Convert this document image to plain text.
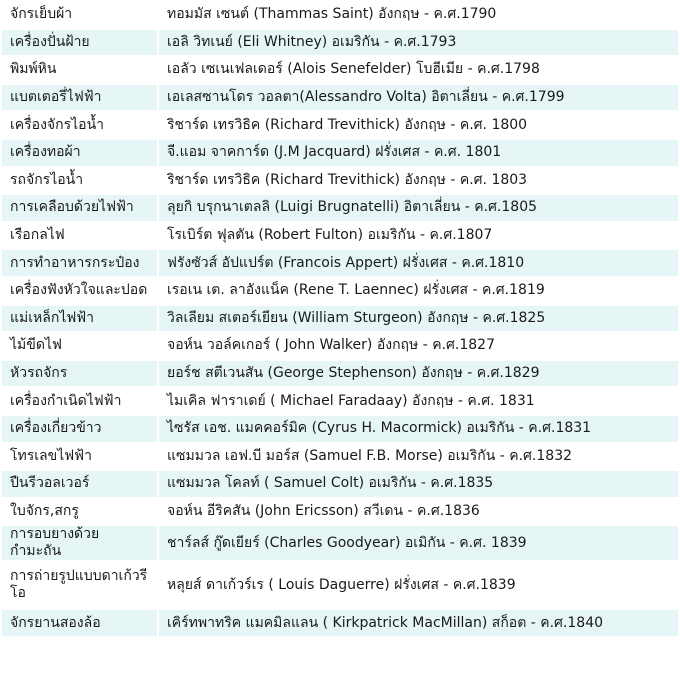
จักรเย็บผ้า	ทอมมัส เซนต์ (Thammas Saint) อังกฤษ - ค.ศ.1790
เครื่องปั่นฝ้าย	เอลิ วิทเนย์ (Eli Whitney) อเมริกัน - ค.ศ.1793
พิมพ์หิน	เอลัว เซเนเฟลเดอร์ (Alois Senefelder) โบฮีเมีย - ค.ศ.1798
แบตเตอรี่ไฟฟ้า	เอเลสซานโดร วอลตา(Alessandro Volta) อิตาเลี่ยน - ค.ศ.1799
เครื่องจักรไอน้ำ	ริชาร์ด เทรวิธิค (Richard Trevithick) อังกฤษ - ค.ศ. 1800
เครื่องทอผ้า	จี.แอม จาคการ์ด (J.M Jacquard) ฝรั่งเศส - ค.ศ. 1801
รถจักรไอน้ำ	ริชาร์ด เทรวิธิค (Richard Trevithick) อังกฤษ - ค.ศ. 1803
การเคลือบด้วยไฟฟ้า	ลุยกิ บรุกนาเตลลิ (Luigi Brugnatelli) อิตาเลี่ยน - ค.ศ.1805
เรือกลไฟ	โรเบิร์ต ฟุลตัน (Robert Fulton) อเมริกัน - ค.ศ.1807
การทำอาหารกระป๋อง	ฟรังซัวส์ อัปแปร์ต (Francois Appert) ฝรั่งเศส - ค.ศ.1810
เครื่องฟังหัวใจและปอด	เรอเน เต. ลาอังแน็ค (Rene T. Laennec) ฝรั่งเศส - ค.ศ.1819
แม่เหล็กไฟฟ้า	วิลเลียม สเตอร์เยียน (William Sturgeon) อังกฤษ - ค.ศ.1825
ไม้ขีดไฟ	จอห์น วอล์คเกอร์ ( John Walker) อังกฤษ - ค.ศ.1827
หัวรถจักร	ยอร์ช สตีเวนสัน (George Stephenson) อังกฤษ - ค.ศ.1829
เครื่องกำเนิดไฟฟ้า	ไมเคิล ฟาราเดย์ ( Michael Faradaay) อังกฤษ - ค.ศ. 1831
เครื่องเกี่ยวข้าว	ไซรัส เอช. แมคคอร์มิค (Cyrus H. Macormick) อเมริกัน - ค.ศ.1831
โทรเลขไฟฟ้า	แซมมวล เอฟ.บี มอร์ส (Samuel F.B. Morse) อเมริกัน - ค.ศ.1832
ปืนรีวอลเวอร์	แซมมวล โคลท์ ( Samuel Colt) อเมริกัน - ค.ศ.1835
ใบจักร,สกรู	จอห์น อีริคสัน (John Ericsson) สวีเดน - ค.ศ.1836
การอบยางด้วยกำมะถัน	ชาร์ลส์ กู๊ดเยียร์ (Charles Goodyear) อเมิกัน - ค.ศ. 1839
การถ่ายรูปแบบดาเก้วรีโอ	หลุยส์ ดาเก้วร์เร ( Louis Daguerre) ฝรั่งเศส - ค.ศ.1839
จักรยานสองล้อ	เคิร์ทพาทริค แมคมิลแลน ( Kirkpatrick MacMillan) สก็อต - ค.ศ.1840
